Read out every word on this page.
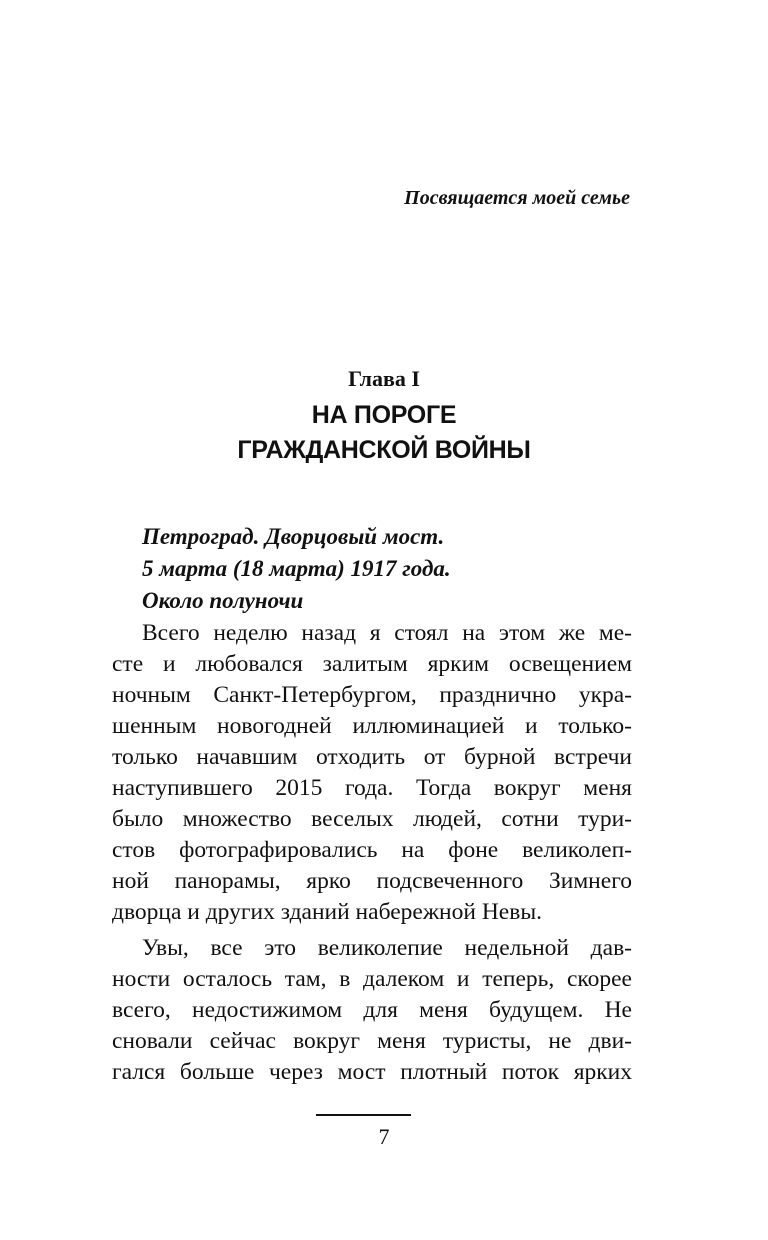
Посвящается моей семье
Глава I
НА ПОРОГЕ
ГРАЖДАНСКОЙ ВОЙНЫ
Петроград. Дворцовый мост.
5 марта (18 марта) 1917 года.
Около полуночи
Всего неделю назад я стоял на этом же ме-
сте и любовался залитым ярким освещением
ночным Санкт-Петербургом, празднично укра-
шенным новогодней иллюминацией и только-
только начавшим отходить от бурной встречи
наступившего 2015 года. Тогда вокруг меня
было множество веселых людей, сотни тури-
стов фотографировались на фоне великолеп-
ной панорамы, ярко подсвеченного Зимнего
дворца и других зданий набережной Невы.
Увы, все это великолепие недельной дав-
ности осталось там, в далеком и теперь, скорее
всего, недостижимом для меня будущем. Не
сновали сейчас вокруг меня туристы, не дви-
гался больше через мост плотный поток ярких
7
